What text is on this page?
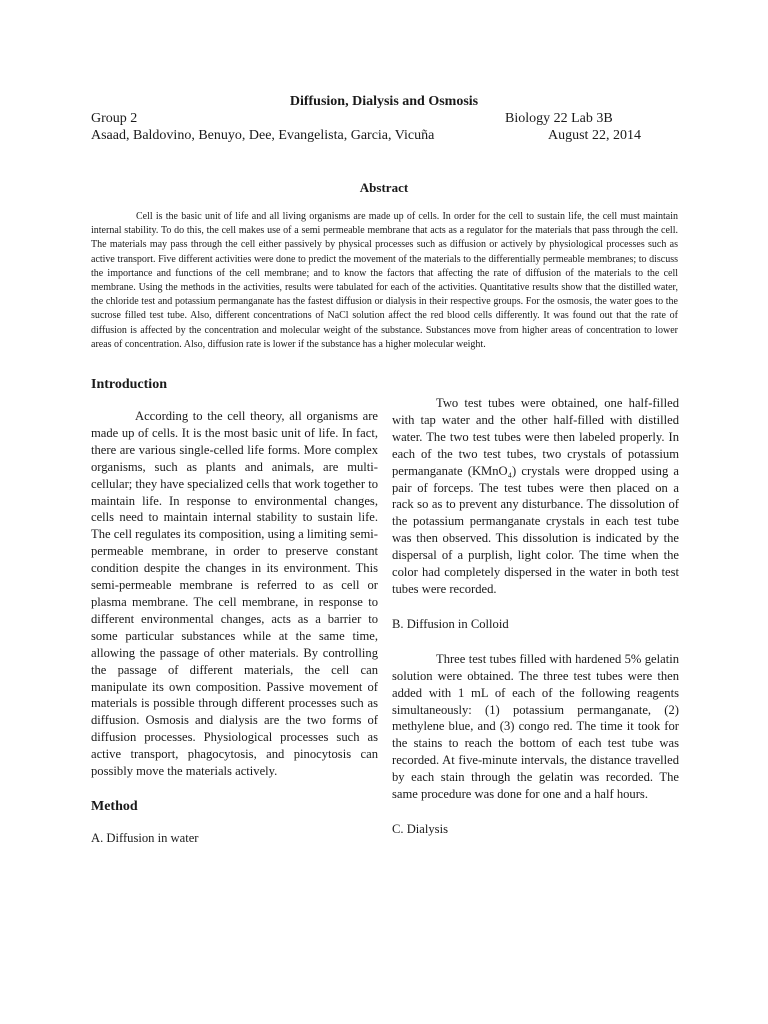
Diffusion, Dialysis and Osmosis
Group 2
Asaad, Baldovino, Benuyo, Dee, Evangelista, Garcia, Vicuña
Biology 22 Lab 3B
August 22, 2014
Abstract

Cell is the basic unit of life and all living organisms are made up of cells. In order for the cell to sustain life, the cell must maintain internal stability. To do this, the cell makes use of a semi permeable membrane that acts as a regulator for the materials that pass through the cell. The materials may pass through the cell either passively by physical processes such as diffusion or actively by physiological processes such as active transport. Five different activities were done to predict the movement of the materials to the differentially permeable membranes; to discuss the importance and functions of the cell membrane; and to know the factors that affecting the rate of diffusion of the materials to the cell membrane. Using the methods in the activities, results were tabulated for each of the activities. Quantitative results show that the distilled water, the chloride test and potassium permanganate has the fastest diffusion or dialysis in their respective groups. For the osmosis, the water goes to the sucrose filled test tube. Also, different concentrations of NaCl solution affect the red blood cells differently. It was found out that the rate of diffusion is affected by the concentration and molecular weight of the substance. Substances move from higher areas of concentration to lower areas of concentration. Also, diffusion rate is lower if the substance has a higher molecular weight.

Introduction

According to the cell theory, all organisms are made up of cells. It is the most basic unit of life. In fact, there are various single-celled life forms. More complex organisms, such as plants and animals, are multi-cellular; they have specialized cells that work together to maintain life. In response to environmental changes, cells need to maintain internal stability to sustain life. The cell regulates its composition, using a limiting semi-permeable membrane, in order to preserve constant condition despite the changes in its environment. This semi-permeable membrane is referred to as cell or plasma membrane. The cell membrane, in response to different environmental changes, acts as a barrier to some particular substances while at the same time, allowing the passage of other materials. By controlling the passage of different materials, the cell can manipulate its own composition. Passive movement of materials is possible through different processes such as diffusion. Osmosis and dialysis are the two forms of diffusion processes. Physiological processes such as active transport, phagocytosis, and pinocytosis can possibly move the materials actively.

Method

A. Diffusion in water

Two test tubes were obtained, one half-filled with tap water and the other half-filled with distilled water. The two test tubes were then labeled properly. In each of the two test tubes, two crystals of potassium permanganate (KMnO₄) crystals were dropped using a pair of forceps. The test tubes were then placed on a rack so as to prevent any disturbance. The dissolution of the potassium permanganate crystals in each test tube was then observed. This dissolution is indicated by the dispersal of a purplish, light color. The time when the color had completely dispersed in the water in both test tubes were recorded.

B. Diffusion in Colloid

Three test tubes filled with hardened 5% gelatin solution were obtained. The three test tubes were then added with 1 mL of each of the following reagents simultaneously: (1) potassium permanganate, (2) methylene blue, and (3) congo red. The time it took for the stains to reach the bottom of each test tube was recorded. At five-minute intervals, the distance travelled by each stain through the gelatin was recorded. The same procedure was done for one and a half hours.

C. Dialysis
